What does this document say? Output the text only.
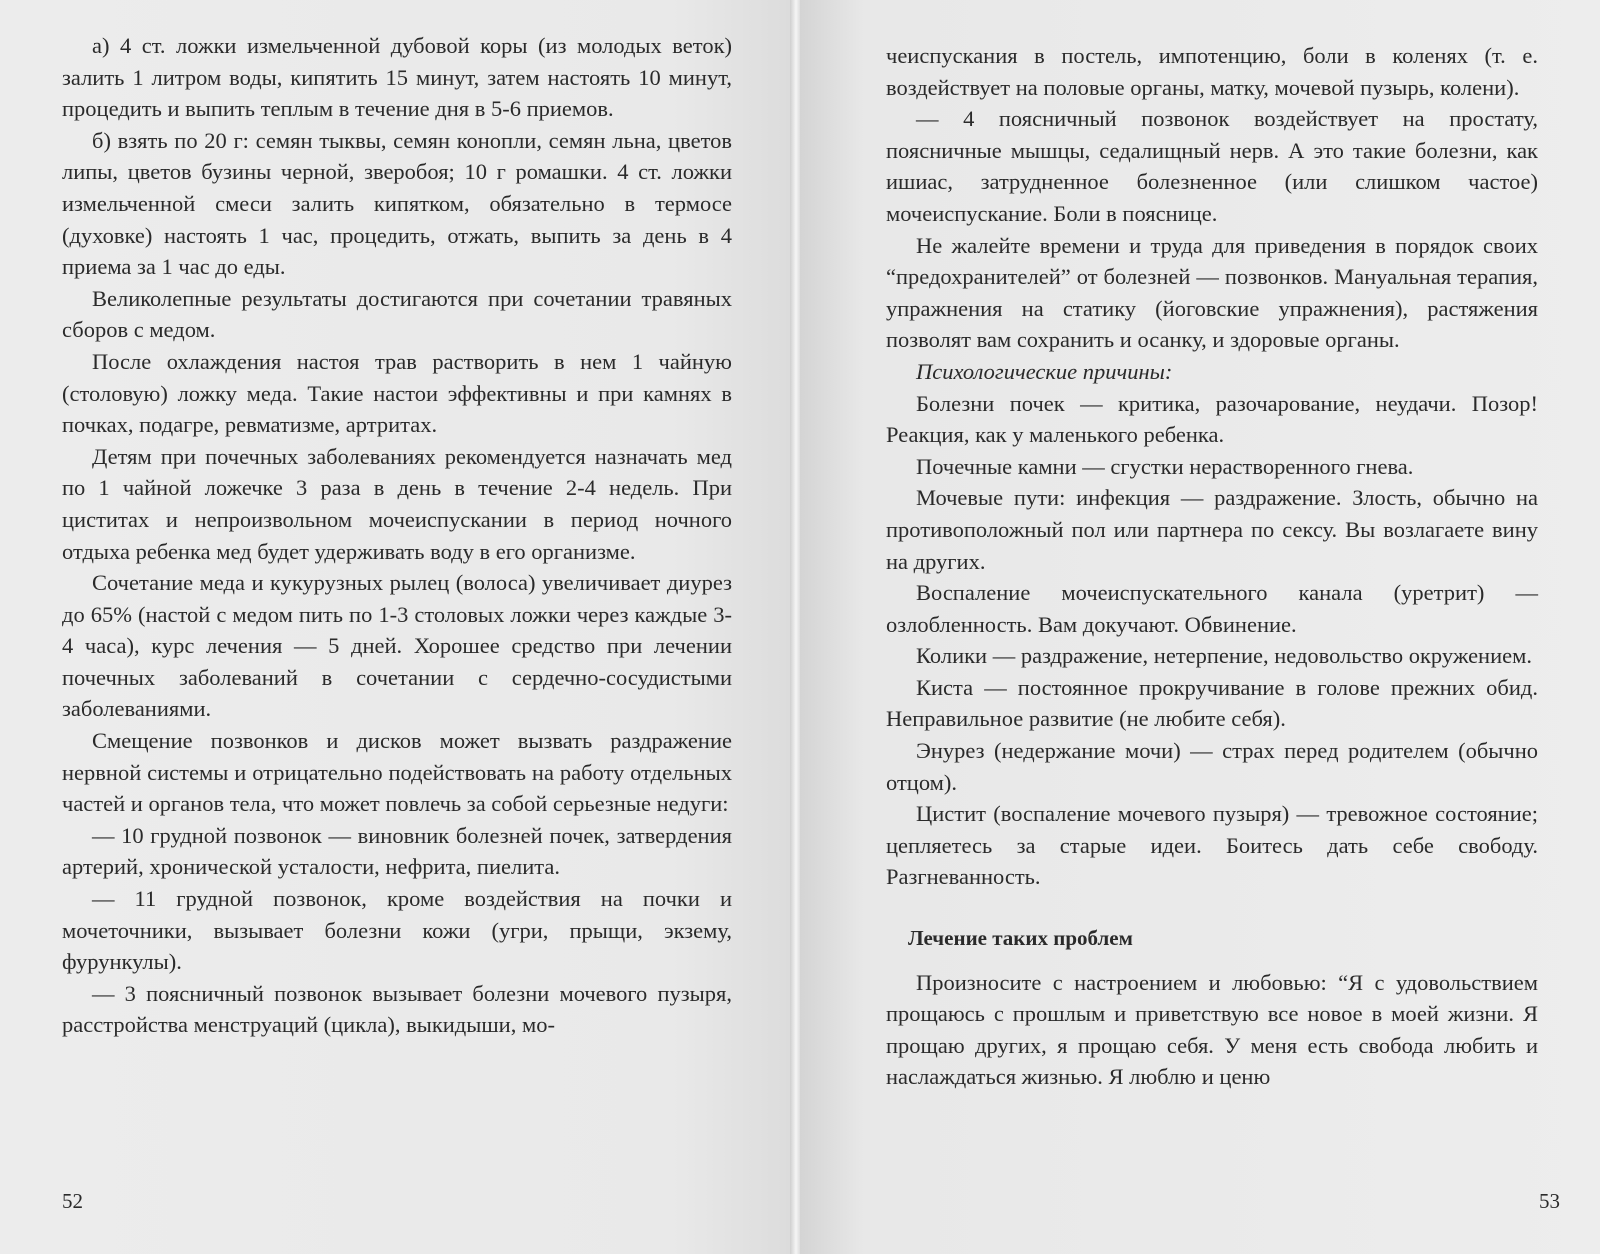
а) 4 ст. ложки измельченной дубовой коры (из молодых веток) залить 1 литром воды, кипятить 15 минут, затем настоять 10 минут, процедить и выпить теплым в течение дня в 5-6 приемов.

б) взять по 20 г: семян тыквы, семян конопли, семян льна, цветов липы, цветов бузины черной, зверобоя; 10 г ромашки. 4 ст. ложки измельченной смеси залить кипятком, обязательно в термосе (духовке) настоять 1 час, процедить, отжать, выпить за день в 4 приема за 1 час до еды.

Великолепные результаты достигаются при сочетании травяных сборов с медом.

После охлаждения настоя трав растворить в нем 1 чайную (столовую) ложку меда. Такие настои эффективны и при камнях в почках, подагре, ревматизме, артритах.

Детям при почечных заболеваниях рекомендуется назначать мед по 1 чайной ложечке 3 раза в день в течение 2-4 недель. При циститах и непроизвольном мочеиспускании в период ночного отдыха ребенка мед будет удерживать воду в его организме.

Сочетание меда и кукурузных рылец (волоса) увеличивает диурез до 65% (настой с медом пить по 1-3 столовых ложки через каждые 3-4 часа), курс лечения — 5 дней. Хорошее средство при лечении почечных заболеваний в сочетании с сердечно-сосудистыми заболеваниями.

Смещение позвонков и дисков может вызвать раздражение нервной системы и отрицательно подействовать на работу отдельных частей и органов тела, что может повлечь за собой серьезные недуги:

— 10 грудной позвонок — виновник болезней почек, затвердения артерий, хронической усталости, нефрита, пиелита.

— 11 грудной позвонок, кроме воздействия на почки и мочеточники, вызывает болезни кожи (угри, прыщи, экзему, фурункулы).

— 3 поясничный позвонок вызывает болезни мочевого пузыря, расстройства менструаций (цикла), выкидыши, мо-

52

чеиспускания в постель, импотенцию, боли в коленях (т. е. воздействует на половые органы, матку, мочевой пузырь, колени).

— 4 поясничный позвонок воздействует на простату, поясничные мышцы, седалищный нерв. А это такие болезни, как ишиас, затрудненное болезненное (или слишком частое) мочеиспускание. Боли в пояснице.

Не жалейте времени и труда для приведения в порядок своих “предохранителей” от болезней — позвонков. Мануальная терапия, упражнения на статику (йоговские упражнения), растяжения позволят вам сохранить и осанку, и здоровые органы.

Психологические причины:

Болезни почек — критика, разочарование, неудачи. Позор! Реакция, как у маленького ребенка.

Почечные камни — сгустки нерастворенного гнева.

Мочевые пути: инфекция — раздражение. Злость, обычно на противоположный пол или партнера по сексу. Вы возлагаете вину на других.

Воспаление мочеиспускательного канала (уретрит) — озлобленность. Вам докучают. Обвинение.

Колики — раздражение, нетерпение, недовольство окружением.

Киста — постоянное прокручивание в голове прежних обид. Неправильное развитие (не любите себя).

Энурез (недержание мочи) — страх перед родителем (обычно отцом).

Цистит (воспаление мочевого пузыря) — тревожное состояние; цепляетесь за старые идеи. Боитесь дать себе свободу. Разгневанность.

Лечение таких проблем

Произносите с настроением и любовью: “Я с удовольствием прощаюсь с прошлым и приветствую все новое в моей жизни. Я прощаю других, я прощаю себя. У меня есть свобода любить и наслаждаться жизнью. Я люблю и ценю

53
